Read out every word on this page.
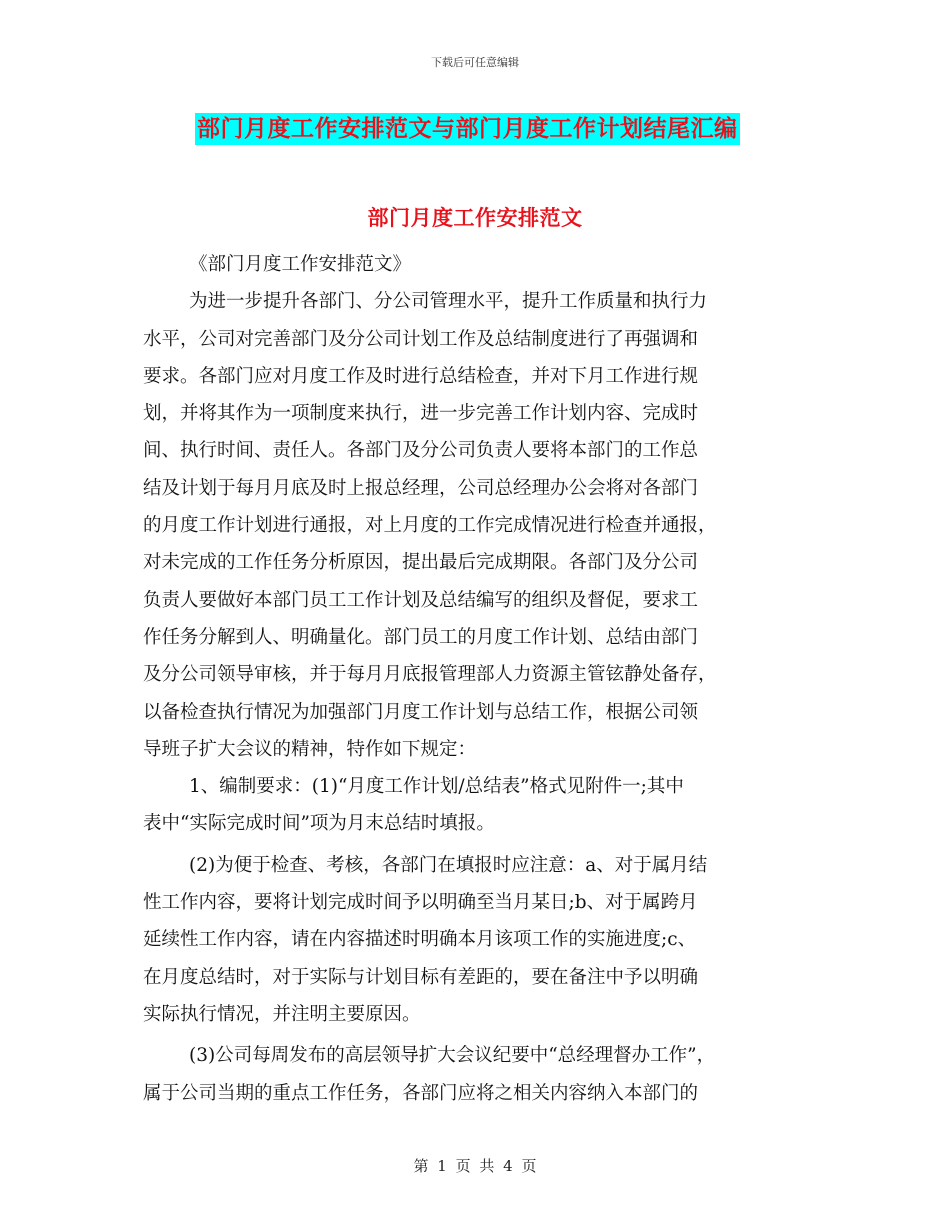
下载后可任意编辑
部门月度工作安排范文与部门月度工作计划结尾汇编
部门月度工作安排范文
《部门月度工作安排范文》
为进一步提升各部门、分公司管理水平，提升工作质量和执行力
水平，公司对完善部门及分公司计划工作及总结制度进行了再强调和
要求。各部门应对月度工作及时进行总结检查，并对下月工作进行规
划，并将其作为一项制度来执行，进一步完善工作计划内容、完成时
间、执行时间、责任人。各部门及分公司负责人要将本部门的工作总
结及计划于每月月底及时上报总经理，公司总经理办公会将对各部门
的月度工作计划进行通报，对上月度的工作完成情况进行检查并通报，
对未完成的工作任务分析原因，提出最后完成期限。各部门及分公司
负责人要做好本部门员工工作计划及总结编写的组织及督促，要求工
作任务分解到人、明确量化。部门员工的月度工作计划、总结由部门
及分公司领导审核，并于每月月底报管理部人力资源主管铉静处备存，
以备检查执行情况为加强部门月度工作计划与总结工作，根据公司领
导班子扩大会议的精神，特作如下规定：
1、编制要求：(1)“月度工作计划/总结表”格式见附件一;其中
表中“实际完成时间”项为月末总结时填报。
(2)为便于检查、考核，各部门在填报时应注意：a、对于属月结
性工作内容，要将计划完成时间予以明确至当月某日;b、对于属跨月
延续性工作内容，请在内容描述时明确本月该项工作的实施进度;c、
在月度总结时，对于实际与计划目标有差距的，要在备注中予以明确
实际执行情况，并注明主要原因。
(3)公司每周发布的高层领导扩大会议纪要中“总经理督办工作”，
属于公司当期的重点工作任务，各部门应将之相关内容纳入本部门的
第 1 页 共 4 页
